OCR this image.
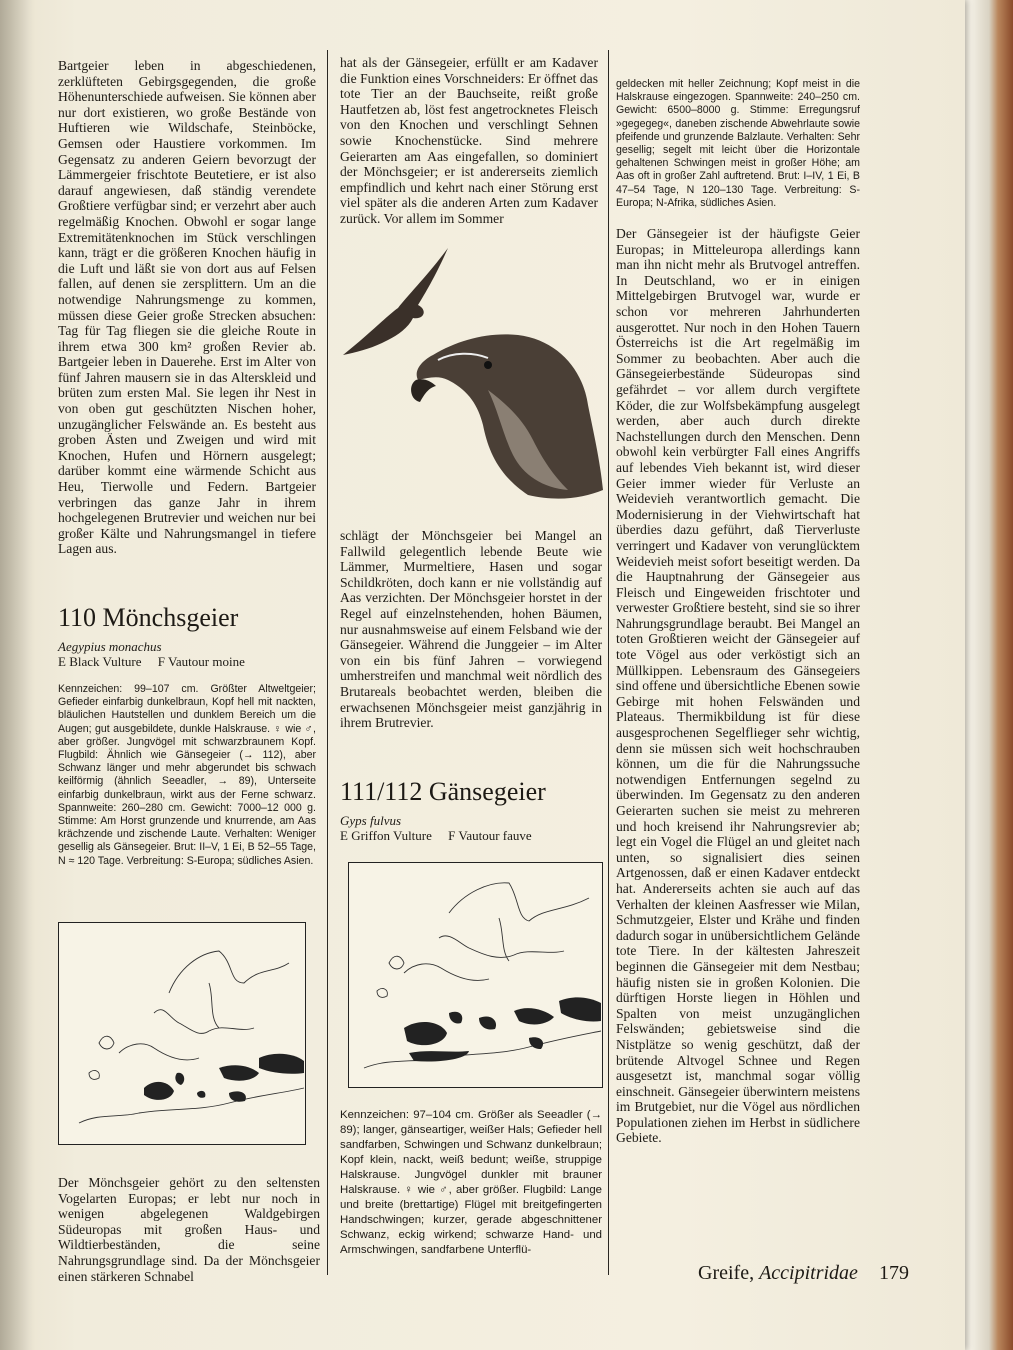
Bartgeier leben in abgeschiedenen, zerklüfteten Gebirgsgegenden, die große Höhenunterschiede aufweisen. Sie können aber nur dort existieren, wo große Bestände von Huftieren wie Wildschafe, Steinböcke, Gemsen oder Haustiere vorkommen. Im Gegensatz zu anderen Geiern bevorzugt der Lämmergeier frischtote Beutetiere, er ist also darauf angewiesen, daß ständig verendete Großtiere verfügbar sind; er verzehrt aber auch regelmäßig Knochen. Obwohl er sogar lange Extremitätenknochen im Stück verschlingen kann, trägt er die größeren Knochen häufig in die Luft und läßt sie von dort aus auf Felsen fallen, auf denen sie zersplittern. Um an die notwendige Nahrungsmenge zu kommen, müssen diese Geier große Strecken absuchen: Tag für Tag fliegen sie die gleiche Route in ihrem etwa 300 km² großen Revier ab. Bartgeier leben in Dauerehe. Erst im Alter von fünf Jahren mausern sie in das Alterskleid und brüten zum ersten Mal. Sie legen ihr Nest in von oben gut geschützten Nischen hoher, unzugänglicher Felswände an. Es besteht aus groben Ästen und Zweigen und wird mit Knochen, Hufen und Hörnern ausgelegt; darüber kommt eine wärmende Schicht aus Heu, Tierwolle und Federn. Bartgeier verbringen das ganze Jahr in ihrem hochgelegenen Brutrevier und weichen nur bei großer Kälte und Nahrungsmangel in tiefere Lagen aus.

110 Mönchsgeier
Aegypius monachus
E Black Vulture F Vautour moine

Kennzeichen: 99–107 cm. Größter Altweltgeier; Gefieder einfarbig dunkelbraun, Kopf hell mit nackten, bläulichen Hautstellen und dunklem Bereich um die Augen; gut ausgebildete, dunkle Halskrause. ♀ wie ♂, aber größer. Jungvögel mit schwarzbraunem Kopf. Flugbild: Ähnlich wie Gänsegeier (→ 112), aber Schwanz länger und mehr abgerundet bis schwach keilförmig (ähnlich Seeadler, → 89), Unterseite einfarbig dunkelbraun, wirkt aus der Ferne schwarz. Spannweite: 260–280 cm. Gewicht: 7000–12 000 g. Stimme: Am Horst grunzende und knurrende, am Aas krächzende und zischende Laute. Verhalten: Weniger gesellig als Gänsegeier. Brut: II–V, 1 Ei, B 52–55 Tage, N ≈ 120 Tage. Verbreitung: S-Europa; südliches Asien.

Der Mönchsgeier gehört zu den seltensten Vogelarten Europas; er lebt nur noch in wenigen abgelegenen Waldgebirgen Südeuropas mit großen Haus- und Wildtierbeständen, die seine Nahrungsgrundlage sind. Da der Mönchsgeier einen stärkeren Schnabel

hat als der Gänsegeier, erfüllt er am Kadaver die Funktion eines Vorschneiders: Er öffnet das tote Tier an der Bauchseite, reißt große Hautfetzen ab, löst fest angetrocknetes Fleisch von den Knochen und verschlingt Sehnen sowie Knochenstücke. Sind mehrere Geierarten am Aas eingefallen, so dominiert der Mönchsgeier; er ist andererseits ziemlich empfindlich und kehrt nach einer Störung erst viel später als die anderen Arten zum Kadaver zurück. Vor allem im Sommer

schlägt der Mönchsgeier bei Mangel an Fallwild gelegentlich lebende Beute wie Lämmer, Murmeltiere, Hasen und sogar Schildkröten, doch kann er nie vollständig auf Aas verzichten. Der Mönchsgeier horstet in der Regel auf einzelnstehenden, hohen Bäumen, nur ausnahmsweise auf einem Felsband wie der Gänsegeier. Während die Junggeier – im Alter von ein bis fünf Jahren – vorwiegend umherstreifen und manchmal weit nördlich des Brutareals beobachtet werden, bleiben die erwachsenen Mönchsgeier meist ganzjährig in ihrem Brutrevier.

111/112 Gänsegeier
Gyps fulvus
E Griffon Vulture F Vautour fauve

Kennzeichen: 97–104 cm. Größer als Seeadler (→ 89); langer, gänseartiger, weißer Hals; Gefieder hell sandfarben, Schwingen und Schwanz dunkelbraun; Kopf klein, nackt, weiß bedunt; weiße, struppige Halskrause. Jungvögel dunkler mit brauner Halskrause. ♀ wie ♂, aber größer. Flugbild: Lange und breite (brettartige) Flügel mit breitgefingerten Handschwingen; kurzer, gerade abgeschnittener Schwanz, eckig wirkend; schwarze Hand- und Armschwingen, sandfarbene Unterflü-

geldecken mit heller Zeichnung; Kopf meist in die Halskrause eingezogen. Spannweite: 240–250 cm. Gewicht: 6500–8000 g. Stimme: Erregungsruf »gegegeg«, daneben zischende Abwehrlaute sowie pfeifende und grunzende Balzlaute. Verhalten: Sehr gesellig; segelt mit leicht über die Horizontale gehaltenen Schwingen meist in großer Höhe; am Aas oft in großer Zahl auftretend. Brut: I–IV, 1 Ei, B 47–54 Tage, N 120–130 Tage. Verbreitung: S-Europa; N-Afrika, südliches Asien.

Der Gänsegeier ist der häufigste Geier Europas; in Mitteleuropa allerdings kann man ihn nicht mehr als Brutvogel antreffen. In Deutschland, wo er in einigen Mittelgebirgen Brutvogel war, wurde er schon vor mehreren Jahrhunderten ausgerottet. Nur noch in den Hohen Tauern Österreichs ist die Art regelmäßig im Sommer zu beobachten. Aber auch die Gänsegeierbestände Südeuropas sind gefährdet – vor allem durch vergiftete Köder, die zur Wolfsbekämpfung ausgelegt werden, aber auch durch direkte Nachstellungen durch den Menschen. Denn obwohl kein verbürgter Fall eines Angriffs auf lebendes Vieh bekannt ist, wird dieser Geier immer wieder für Verluste an Weidevieh verantwortlich gemacht. Die Modernisierung in der Viehwirtschaft hat überdies dazu geführt, daß Tierverluste verringert und Kadaver von verunglücktem Weidevieh meist sofort beseitigt werden. Da die Hauptnahrung der Gänsegeier aus Fleisch und Eingeweiden frischtoter und verwester Großtiere besteht, sind sie so ihrer Nahrungsgrundlage beraubt. Bei Mangel an toten Großtieren weicht der Gänsegeier auf tote Vögel aus oder verköstigt sich an Müllkippen. Lebensraum des Gänsegeiers sind offene und übersichtliche Ebenen sowie Gebirge mit hohen Felswänden und Plateaus. Thermikbildung ist für diese ausgesprochenen Segelflieger sehr wichtig, denn sie müssen sich weit hochschrauben können, um die für die Nahrungssuche notwendigen Entfernungen segelnd zu überwinden. Im Gegensatz zu den anderen Geierarten suchen sie meist zu mehreren und hoch kreisend ihr Nahrungsrevier ab; legt ein Vogel die Flügel an und gleitet nach unten, so signalisiert dies seinen Artgenossen, daß er einen Kadaver entdeckt hat. Andererseits achten sie auch auf das Verhalten der kleinen Aasfresser wie Milan, Schmutzgeier, Elster und Krähe und finden dadurch sogar in unübersichtlichem Gelände tote Tiere. In der kältesten Jahreszeit beginnen die Gänsegeier mit dem Nestbau; häufig nisten sie in großen Kolonien. Die dürftigen Horste liegen in Höhlen und Spalten von meist unzugänglichen Felswänden; gebietsweise sind die Nistplätze so wenig geschützt, daß der brütende Altvogel Schnee und Regen ausgesetzt ist, manchmal sogar völlig einschneit. Gänsegeier überwintern meistens im Brutgebiet, nur die Vögel aus nördlichen Populationen ziehen im Herbst in südlichere Gebiete.

Greife, Accipitridae 179
